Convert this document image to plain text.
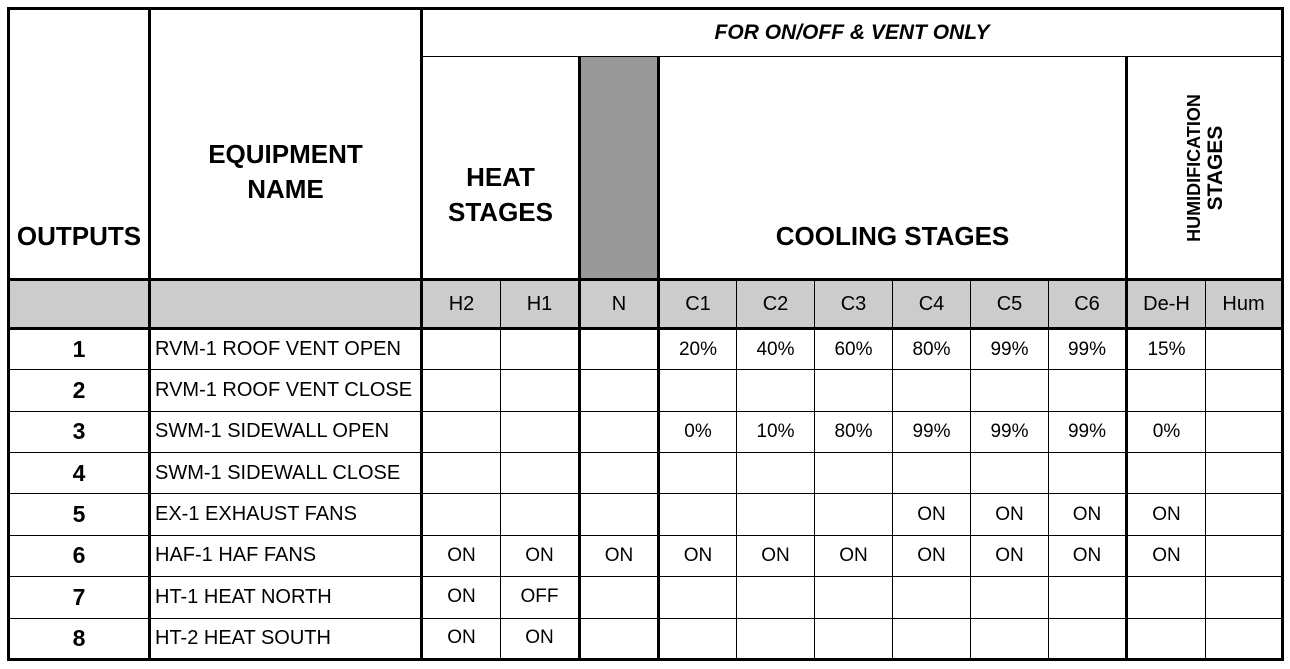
OUTPUTS	EQUIPMENT
NAME	FOR ON/OFF & VENT ONLY										
		HEAT
STAGES			COOLING STAGES						HUMIDIFICATION
STAGES	

		H2	H1	N	C1	C2	C3	C4	C5	C6	De-H	Hum
1	RVM-1 ROOF VENT OPEN				20%	40%	60%	80%	99%	99%	15%	
2	RVM-1 ROOF VENT CLOSE											
3	SWM-1 SIDEWALL OPEN				0%	10%	80%	99%	99%	99%	0%	
4	SWM-1 SIDEWALL CLOSE											
5	EX-1 EXHAUST FANS							ON	ON	ON	ON	
6	HAF-1 HAF FANS	ON	ON	ON	ON	ON	ON	ON	ON	ON	ON	
7	HT-1 HEAT NORTH	ON	OFF									
8	HT-2 HEAT SOUTH	ON	ON									
